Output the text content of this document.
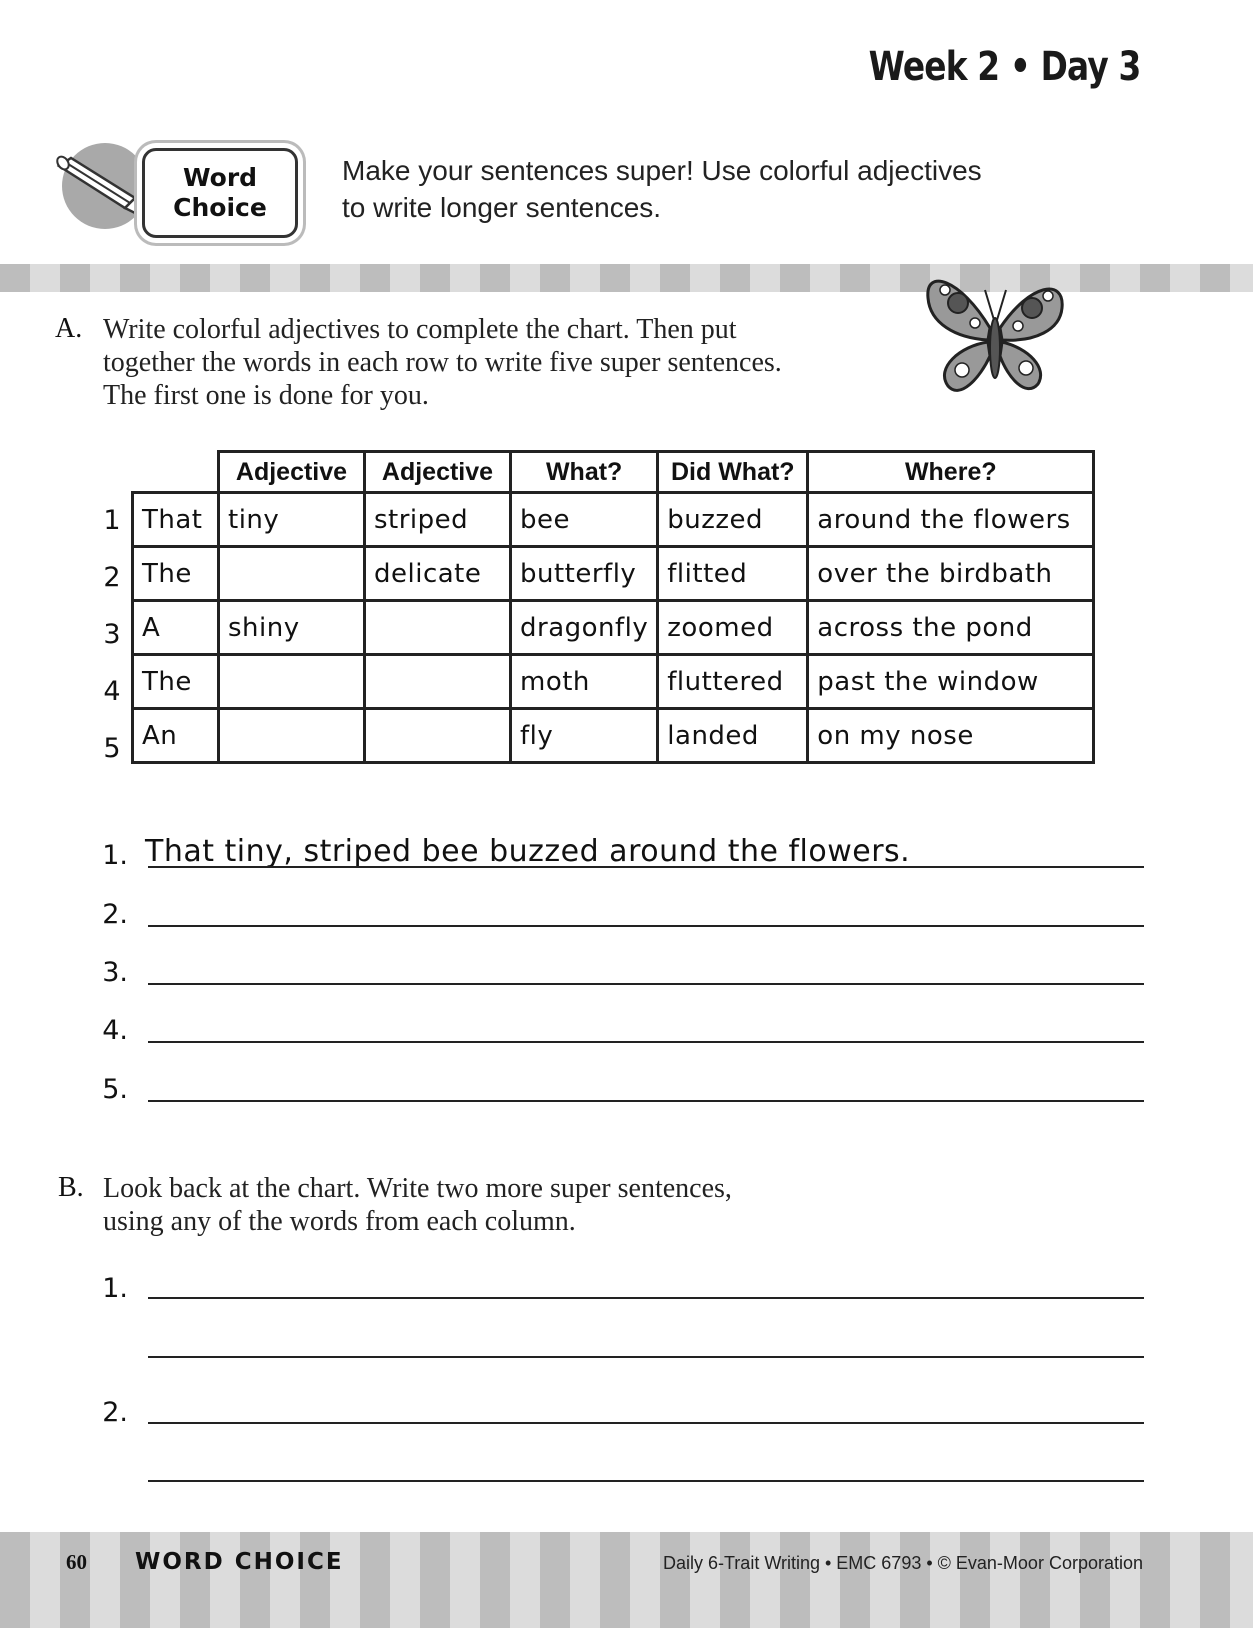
Week 2 • Day 3
Word
Choice
Make your sentences super! Use colorful adjectives
to write longer sentences.
A. Write colorful adjectives to complete the chart. Then put
together the words in each row to write five super sentences.
The first one is done for you.
1
2
3
4
5
	Adjective	Adjective	What?	Did What?	Where?
That	tiny	striped	bee	buzzed	around the flowers
The		delicate	butterfly	flitted	over the birdbath
A	shiny		dragonfly	zoomed	across the pond
The			moth	fluttered	past the window
An			fly	landed	on my nose
1. That tiny, striped bee buzzed around the flowers.
2.
3.
4.
5.
B. Look back at the chart. Write two more super sentences,
using any of the words from each column.
1.
2.
60 WORD CHOICE	Daily 6-Trait Writing • EMC 6793 • © Evan-Moor Corporation
